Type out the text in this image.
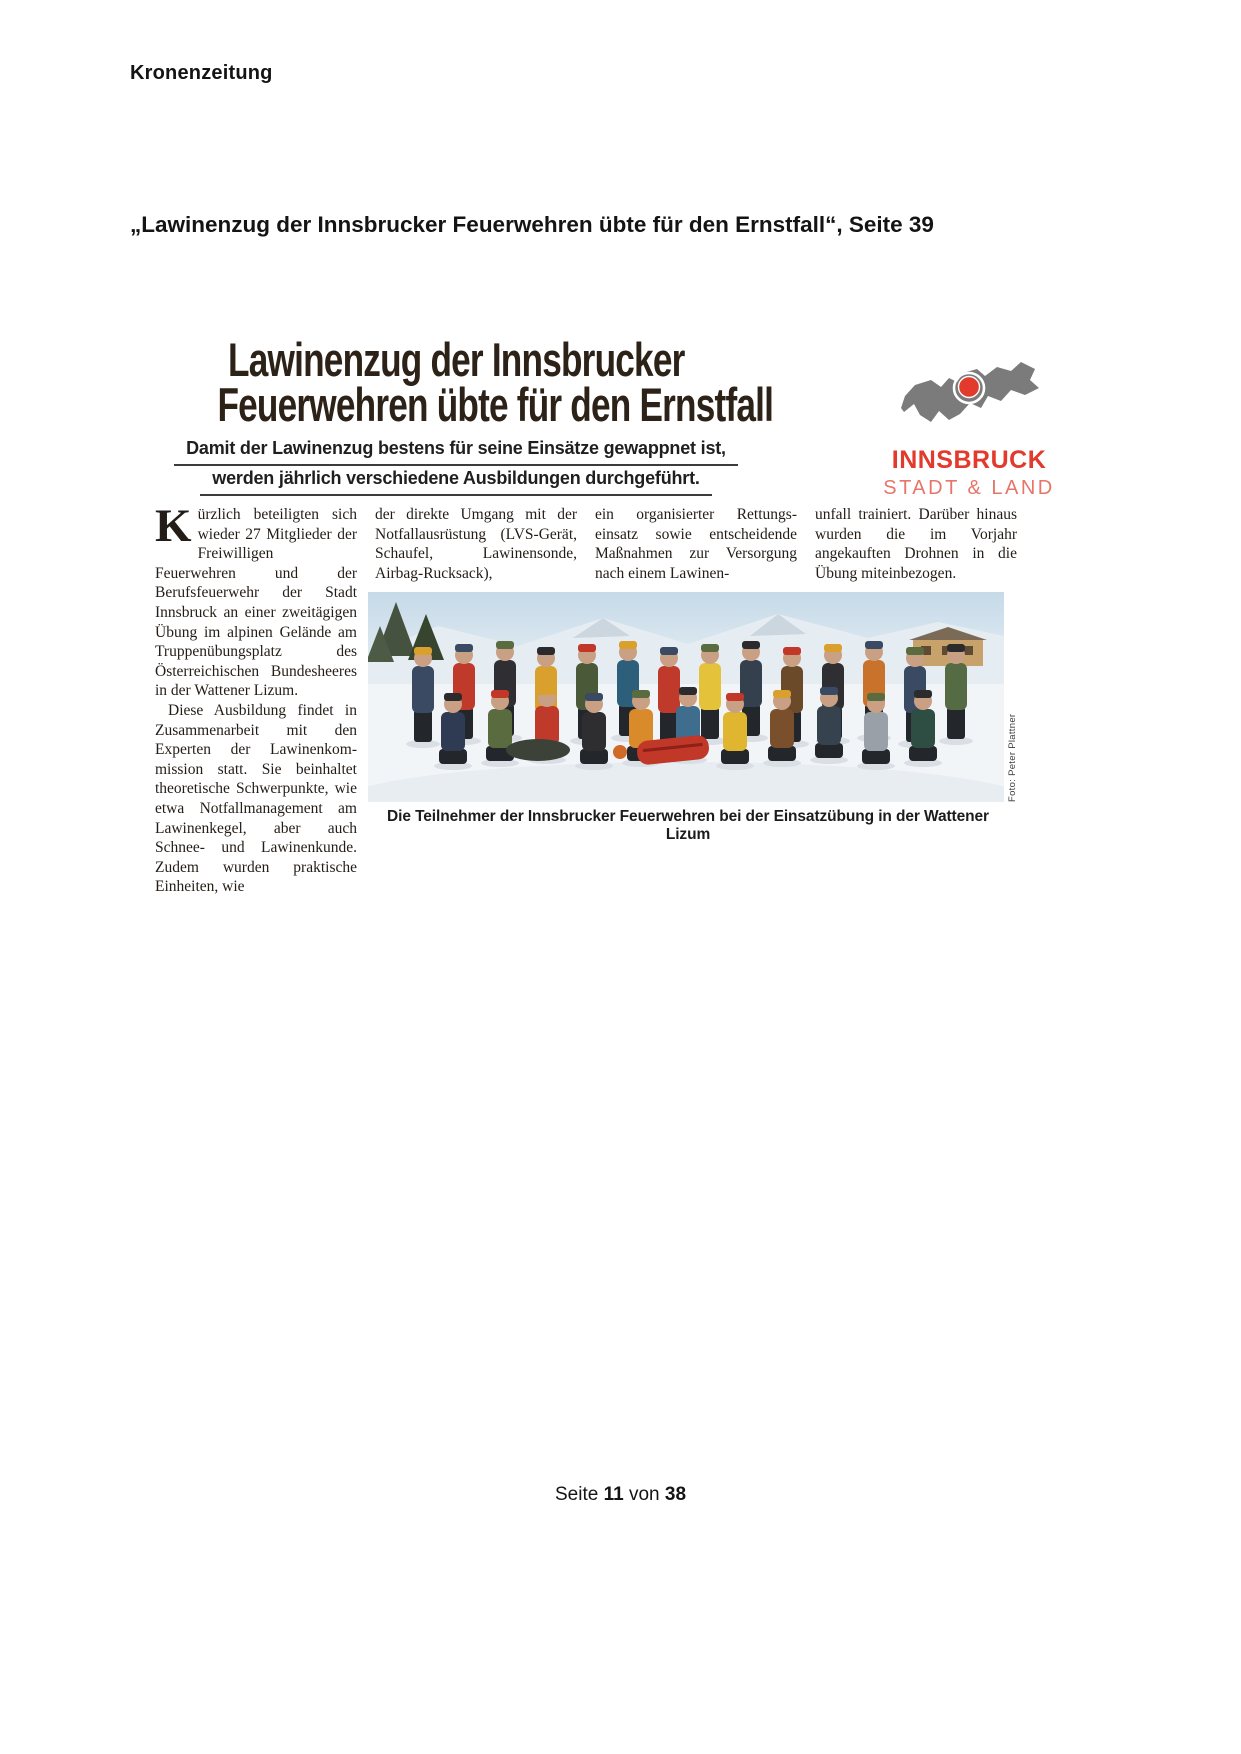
Kronenzeitung
„Lawinenzug der Innsbrucker Feuerwehren übte für den Ernstfall“, Seite 39
Lawinenzug der Innsbrucker
Feuerwehren übte für den Ernstfall
Damit der Lawinenzug bestens für seine Einsätze gewappnet ist,
werden jährlich verschiedene Ausbildungen durchgeführt.
INNSBRUCK
STADT & LAND

Kürzlich beteiligten sich wieder 27 Mitglieder der Freiwilligen Feuerwehren und der Berufsfeuerwehr der Stadt Innsbruck an einer zweitägigen Übung im alpinen Gelände am Truppenübungsplatz des Österreichischen Bundesheeres in der Wattener Lizum.

Diese Ausbildung findet in Zusammenarbeit mit den Experten der Lawinenkommission statt. Sie beinhaltet theoretische Schwerpunkte, wie etwa Notfallmanagement am Lawinenkegel, aber auch Schnee- und Lawinenkunde. Zudem wurden praktische Einheiten, wie

der direkte Umgang mit der Notfallausrüstung (LVS-Gerät, Schaufel, Lawinensonde, Airbag-Rucksack),

ein organisierter Rettungseinsatz sowie entscheidende Maßnahmen zur Versorgung nach einem Lawinen-

unfall trainiert. Darüber hinaus wurden die im Vorjahr angekauften Drohnen in die Übung miteinbezogen.

Foto: Peter Plattner
Die Teilnehmer der Innsbrucker Feuerwehren bei der Einsatzübung in der Wattener Lizum
Seite 11 von 38
